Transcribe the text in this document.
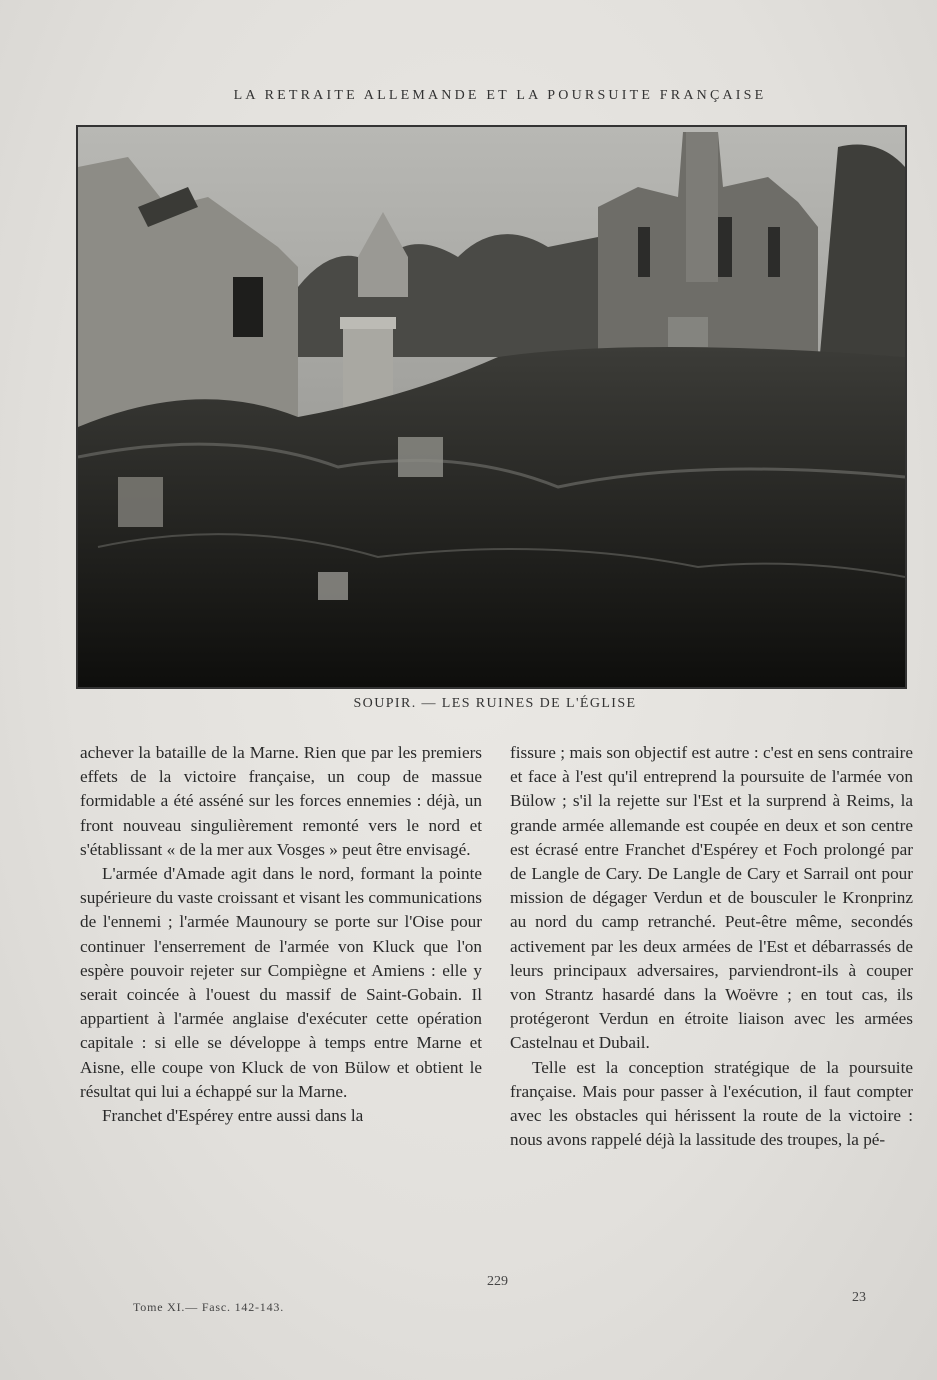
LA RETRAITE ALLEMANDE ET LA POURSUITE FRANÇAISE
SOUPIR. — LES RUINES DE L'ÉGLISE

achever la bataille de la Marne. Rien que par les premiers effets de la victoire française, un coup de massue formidable a été asséné sur les forces ennemies : déjà, un front nouveau singulièrement remonté vers le nord et s'établissant « de la mer aux Vosges » peut être envisagé.

L'armée d'Amade agit dans le nord, formant la pointe supérieure du vaste croissant et visant les communications de l'ennemi ; l'armée Maunoury se porte sur l'Oise pour continuer l'enserrement de l'armée von Kluck que l'on espère pouvoir rejeter sur Compiègne et Amiens : elle y serait coincée à l'ouest du massif de Saint-Gobain. Il appartient à l'armée anglaise d'exécuter cette opération capitale : si elle se développe à temps entre Marne et Aisne, elle coupe von Kluck de von Bülow et obtient le résultat qui lui a échappé sur la Marne.

Franchet d'Espérey entre aussi dans la

fissure ; mais son objectif est autre : c'est en sens contraire et face à l'est qu'il entreprend la poursuite de l'armée von Bülow ; s'il la rejette sur l'Est et la surprend à Reims, la grande armée allemande est coupée en deux et son centre est écrasé entre Franchet d'Espérey et Foch prolongé par de Langle de Cary. De Langle de Cary et Sarrail ont pour mission de dégager Verdun et de bousculer le Kronprinz au nord du camp retranché. Peut-être même, secondés activement par les deux armées de l'Est et débarrassés de leurs principaux adversaires, parviendront-ils à couper von Strantz hasardé dans la Woëvre ; en tout cas, ils protégeront Verdun en étroite liaison avec les armées Castelnau et Dubail.

Telle est la conception stratégique de la poursuite française. Mais pour passer à l'exécution, il faut compter avec les obstacles qui hérissent la route de la victoire : nous avons rappelé déjà la lassitude des troupes, la pé-

229
Tome XI.— Fasc. 142-143.
23
